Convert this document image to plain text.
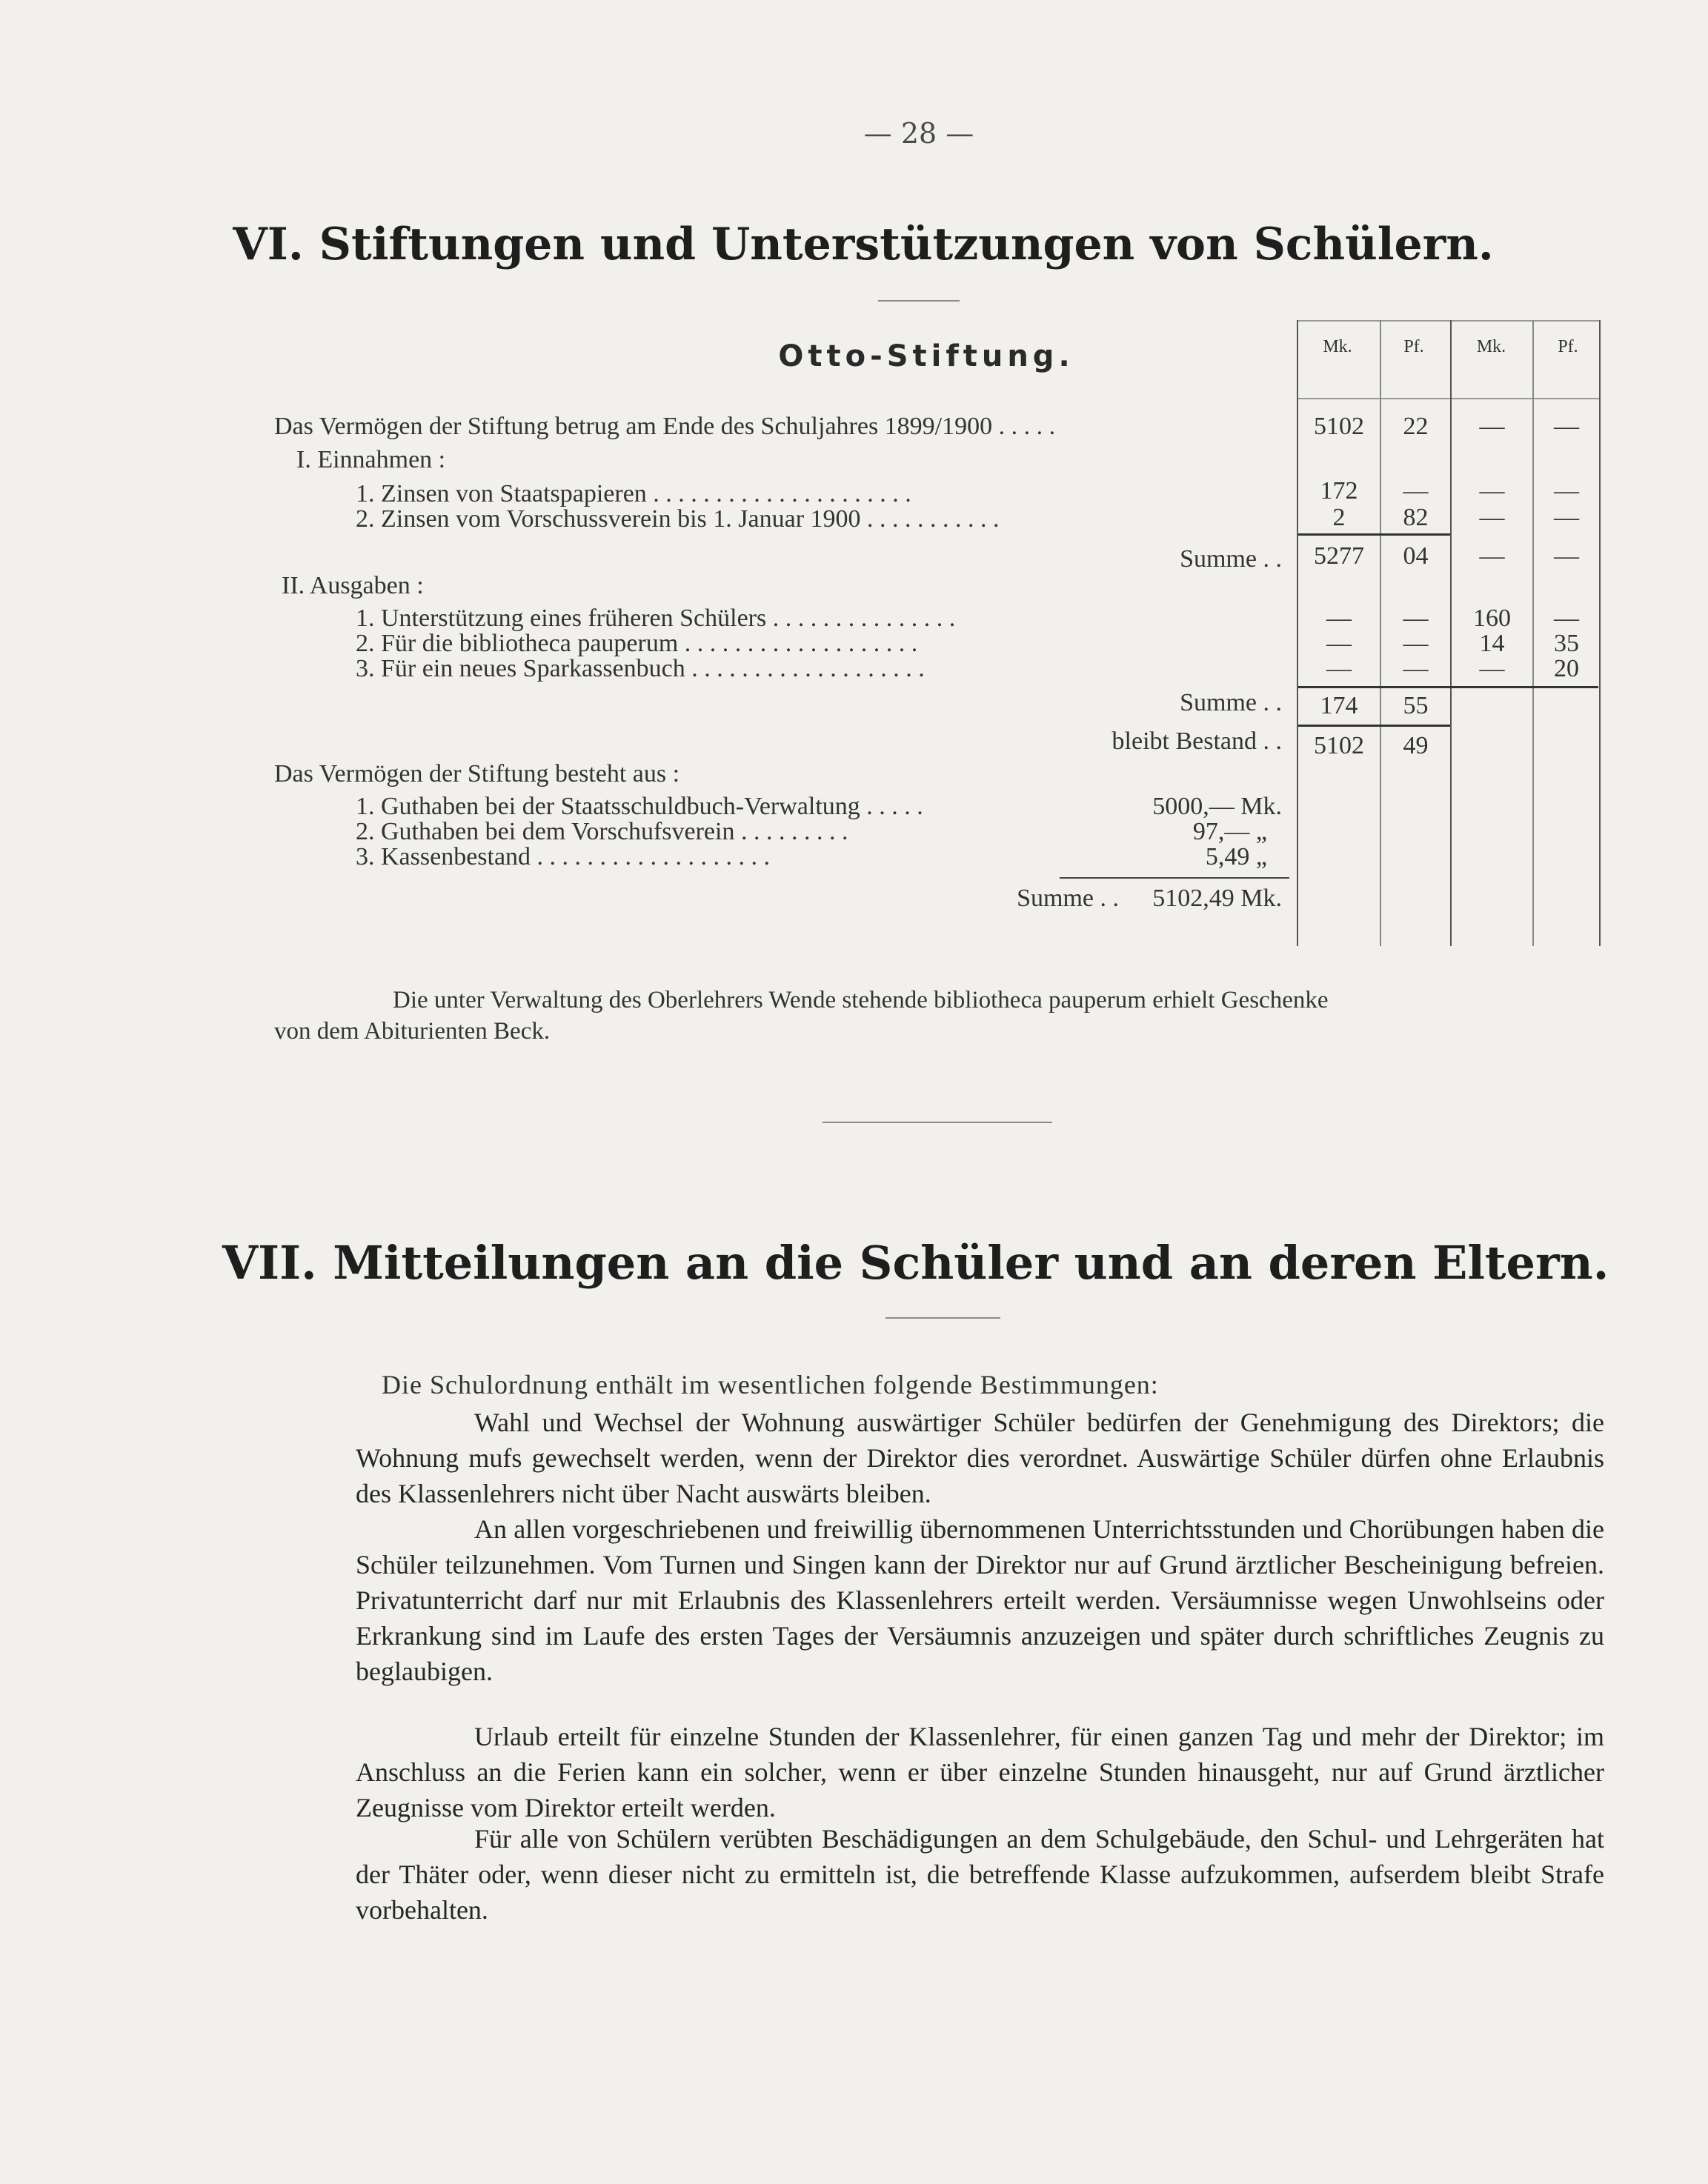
— 28 —
VI. Stiftungen und Unterstützungen von Schülern.
Otto-Stiftung.	Mk.	Pf.	Mk.	Pf.
Das Vermögen der Stiftung betrug am Ende des Schuljahres 1899/1900 . . . . .	5102	22	—	—
I. Einnahmen :
1. Zinsen von Staatspapieren . . . . . . . . . . . . . . . . . . . . .	172	—	—	—
2. Zinsen vom Vorschussverein bis 1. Januar 1900 . . . . . . . . . . .	2	82	—	—
Summe . .	5277	04	—	—
II. Ausgaben :
1. Unterstützung eines früheren Schülers . . . . . . . . . . . . . . .	—	—	160	—
2. Für die bibliotheca pauperum . . . . . . . . . . . . . . . . . . .	—	—	14	35
3. Für ein neues Sparkassenbuch . . . . . . . . . . . . . . . . . . .	—	—	—	20
Summe . .	174	55
bleibt Bestand . .	5102	49
Das Vermögen der Stiftung besteht aus :
1. Guthaben bei der Staatsschuldbuch-Verwaltung . . . . .	5000,— Mk.
2. Guthaben bei dem Vorschufsverein . . . . . . . . .	97,— „
3. Kassenbestand . . . . . . . . . . . . . . . . . . .	5,49 „
Summe . .	5102,49 Mk.
Die unter Verwaltung des Oberlehrers Wende stehende bibliotheca pauperum erhielt Geschenke
von dem Abiturienten Beck.
VII. Mitteilungen an die Schüler und an deren Eltern.
Die Schulordnung enthält im wesentlichen folgende Bestimmungen:
Wahl und Wechsel der Wohnung auswärtiger Schüler bedürfen der Genehmigung des Direktors; die Wohnung mufs gewechselt werden, wenn der Direktor dies verordnet. Auswärtige Schüler dürfen ohne Erlaubnis des Klassenlehrers nicht über Nacht auswärts bleiben.
An allen vorgeschriebenen und freiwillig übernommenen Unterrichtsstunden und Chorübungen haben die Schüler teilzunehmen. Vom Turnen und Singen kann der Direktor nur auf Grund ärztlicher Bescheinigung befreien. Privatunterricht darf nur mit Erlaubnis des Klassenlehrers erteilt werden. Versäumnisse wegen Unwohlseins oder Erkrankung sind im Laufe des ersten Tages der Versäumnis anzuzeigen und später durch schriftliches Zeugnis zu beglaubigen.
Urlaub erteilt für einzelne Stunden der Klassenlehrer, für einen ganzen Tag und mehr der Direktor; im Anschluss an die Ferien kann ein solcher, wenn er über einzelne Stunden hinausgeht, nur auf Grund ärztlicher Zeugnisse vom Direktor erteilt werden.
Für alle von Schülern verübten Beschädigungen an dem Schulgebäude, den Schul- und Lehrgeräten hat der Thäter oder, wenn dieser nicht zu ermitteln ist, die betreffende Klasse aufzukommen, aufserdem bleibt Strafe vorbehalten.
